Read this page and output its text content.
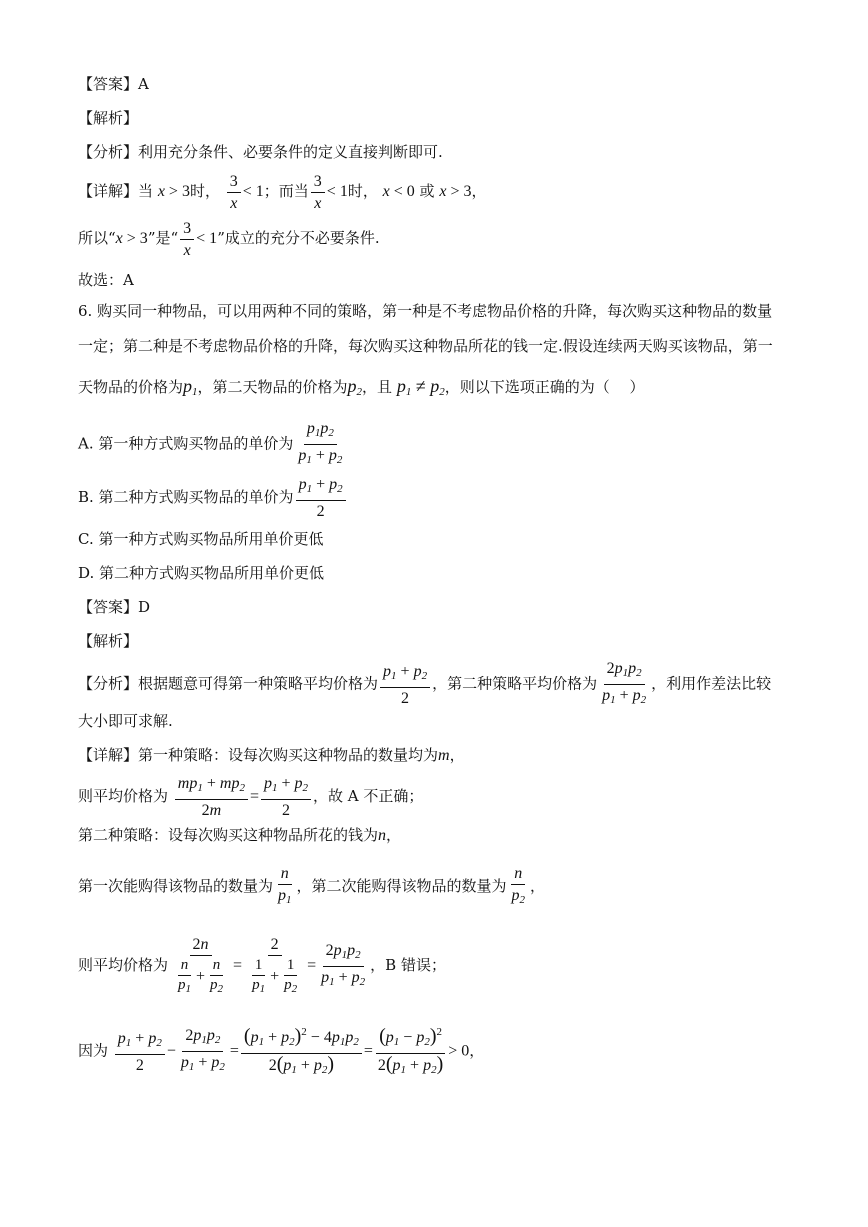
【答案】A
【解析】
【分析】利用充分条件、必要条件的定义直接判断即可.
【详解】当 x > 3时， $\frac{3}{x} < 1$；而当 $\frac{3}{x} < 1$时， x < 0 或 x > 3，
所以“x > 3”是“ $\frac{3}{x} < 1$”成立的充分不必要条件.
故选：A
6. 购买同一种物品，可以用两种不同的策略，第一种是不考虑物品价格的升降，每次购买这种物品的数量
一定；第二种是不考虑物品价格的升降，每次购买这种物品所花的钱一定.假设连续两天购买该物品，第一
天物品的价格为$p_1$，第二天物品的价格为$p_2$，且 $p_1 \ne p_2$，则以下选项正确的为（　 ）
A. 第一种方式购买物品的单价为 $\frac{p_1p_2}{p_1 + p_2}$
B. 第二种方式购买物品的单价为 $\frac{p_1 + p_2}{2}$
C. 第一种方式购买物品所用单价更低
D. 第二种方式购买物品所用单价更低
【答案】D
【解析】
【分析】根据题意可得第一种策略平均价格为 $\frac{p_1 + p_2}{2}$ ，第二种策略平均价格为 $\frac{2p_1p_2}{p_1 + p_2}$ ，利用作差法比较
大小即可求解.
【详解】第一种策略：设每次购买这种物品的数量均为m，
则平均价格为 $\frac{mp_1 + mp_2}{2m} = \frac{p_1 + p_2}{2}$ ，故 A 不正确；
第二种策略：设每次购买这种物品所花的钱为n，
第一次能购得该物品的数量为 $\frac{n}{p_1}$ ，第二次能购得该物品的数量为 $\frac{n}{p_2}$ ，
则平均价格为 $\frac{2n}{\frac{n}{p_1} + \frac{n}{p_2}} = \frac{2}{\frac{1}{p_1} + \frac{1}{p_2}} = \frac{2p_1p_2}{p_1 + p_2}$ ，B 错误；
因为 $\frac{p_1 + p_2}{2} - \frac{2p_1p_2}{p_1 + p_2} = \frac{(p_1 + p_2)^2 - 4p_1p_2}{2(p_1 + p_2)} = \frac{(p_1 - p_2)^2}{2(p_1 + p_2)} > 0$，
